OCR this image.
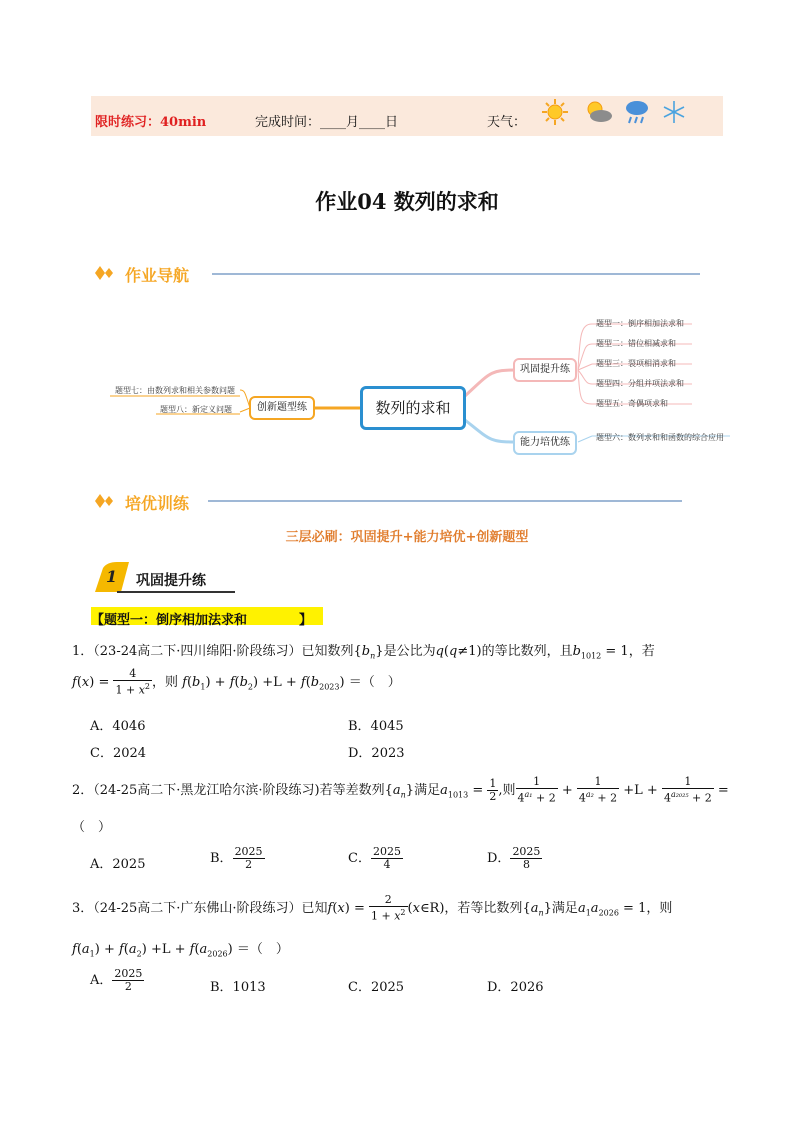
限时练习：40min	完成时间：____月____日	天气：
作业04 数列的求和
作业导航
数列的求和
巩固提升练
能力培优练
创新题型练
题型一：倒序相加法求和
题型二：错位相减求和
题型三：裂项相消求和
题型四：分组并项法求和
题型五：奇偶项求和
题型六：数列求和和函数的综合应用
题型七：由数列求和相关参数问题
题型八：新定义问题
培优训练
三层必刷：巩固提升+能力培优+创新题型
1 巩固提升练
【题型一：倒序相加法求和　　　　】
1．（23-24高二下·四川绵阳·阶段练习）已知数列$\{b_n\}$是公比为q(q≠1)的等比数列，且$b_{1012} = 1$，若
$f(x) = \frac{4}{1 + x^2}$ ，则 $f(b_1) + f(b_2) +L + f(b_{2023})$ ＝（　）
A．4046	B．4045
C．2024	D．2023
2．（24-25高二下·黑龙江哈尔滨·阶段练习)若等差数列$\{a_n\}$满足$a_{1013} = \frac{1}{2}$ ,则 $\frac{1}{4^{a_1} + 2} + \frac{1}{4^{a_2} + 2} +L + \frac{1}{4^{a_{2025}} + 2}$ =
（　）
A．2025	B． $\frac{2025}{2}$	C． $\frac{2025}{4}$	D． $\frac{2025}{8}$
3．（24-25高二下·广东佛山·阶段练习）已知$f(x) = \frac{2}{1 + x^2}$ (x∈R)，若等比数列$\{a_n\}$满足$a_1a_{2026} = 1$，则
$f(a_1) + f(a_2) +L + f(a_{2026})$ ＝（　）
A． $\frac{2025}{2}$	B．1013	C．2025	D．2026
